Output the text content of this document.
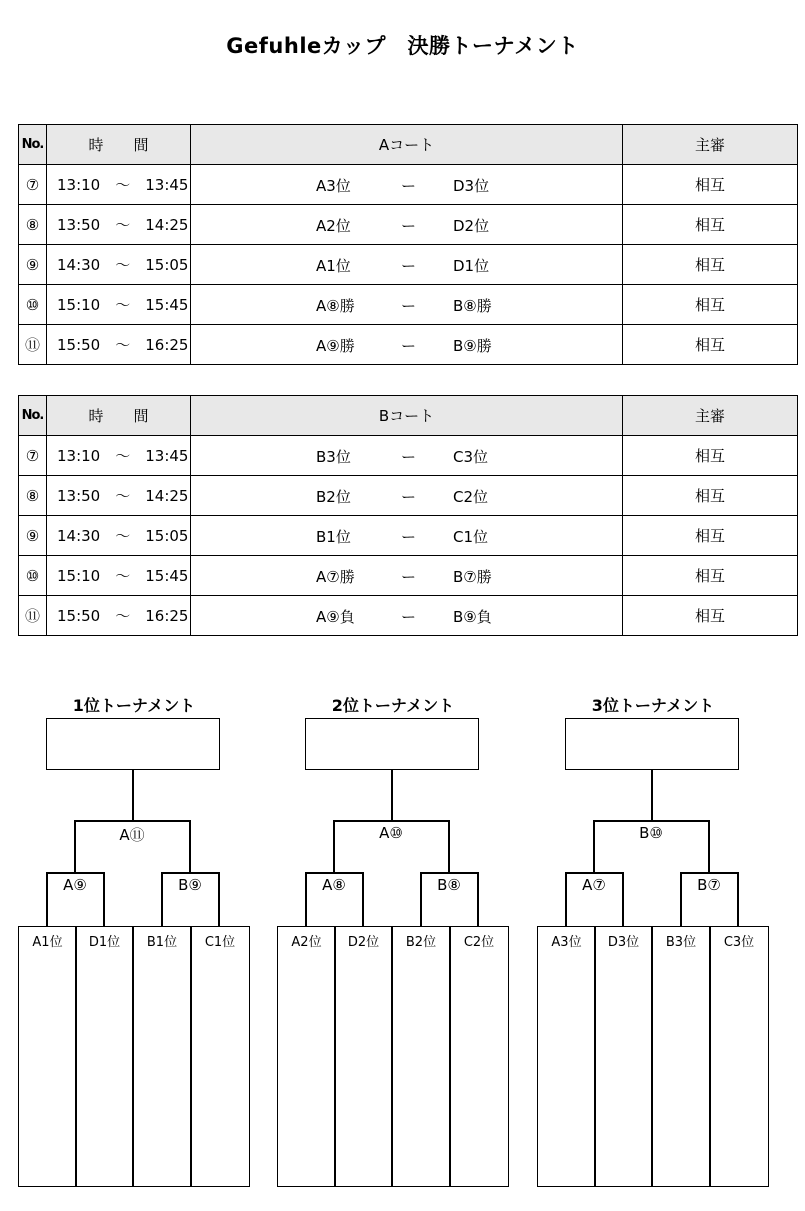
Gefuhleカップ　決勝トーナメント
No.	時　　間	Aコート	主審
⑦	13:10　～　13:45	A3位 ー D3位	相互
⑧	13:50　～　14:25	A2位 ー D2位	相互
⑨	14:30　～　15:05	A1位 ー D1位	相互
⑩	15:10　～　15:45	A⑧勝 ー B⑧勝	相互
⑪	15:50　～　16:25	A⑨勝 ー B⑨勝	相互
No.	時　　間	Bコート	主審
⑦	13:10　～　13:45	B3位 ー C3位	相互
⑧	13:50　～　14:25	B2位 ー C2位	相互
⑨	14:30　～　15:05	B1位 ー C1位	相互
⑩	15:10　～　15:45	A⑦勝 ー B⑦勝	相互
⑪	15:50　～　16:25	A⑨負 ー B⑨負	相互
1位トーナメント
A⑪
A⑨	B⑨
A1位	D1位	B1位	C1位
2位トーナメント
A⑩
A⑧	B⑧
A2位	D2位	B2位	C2位
3位トーナメント
B⑩
A⑦	B⑦
A3位	D3位	B3位	C3位
